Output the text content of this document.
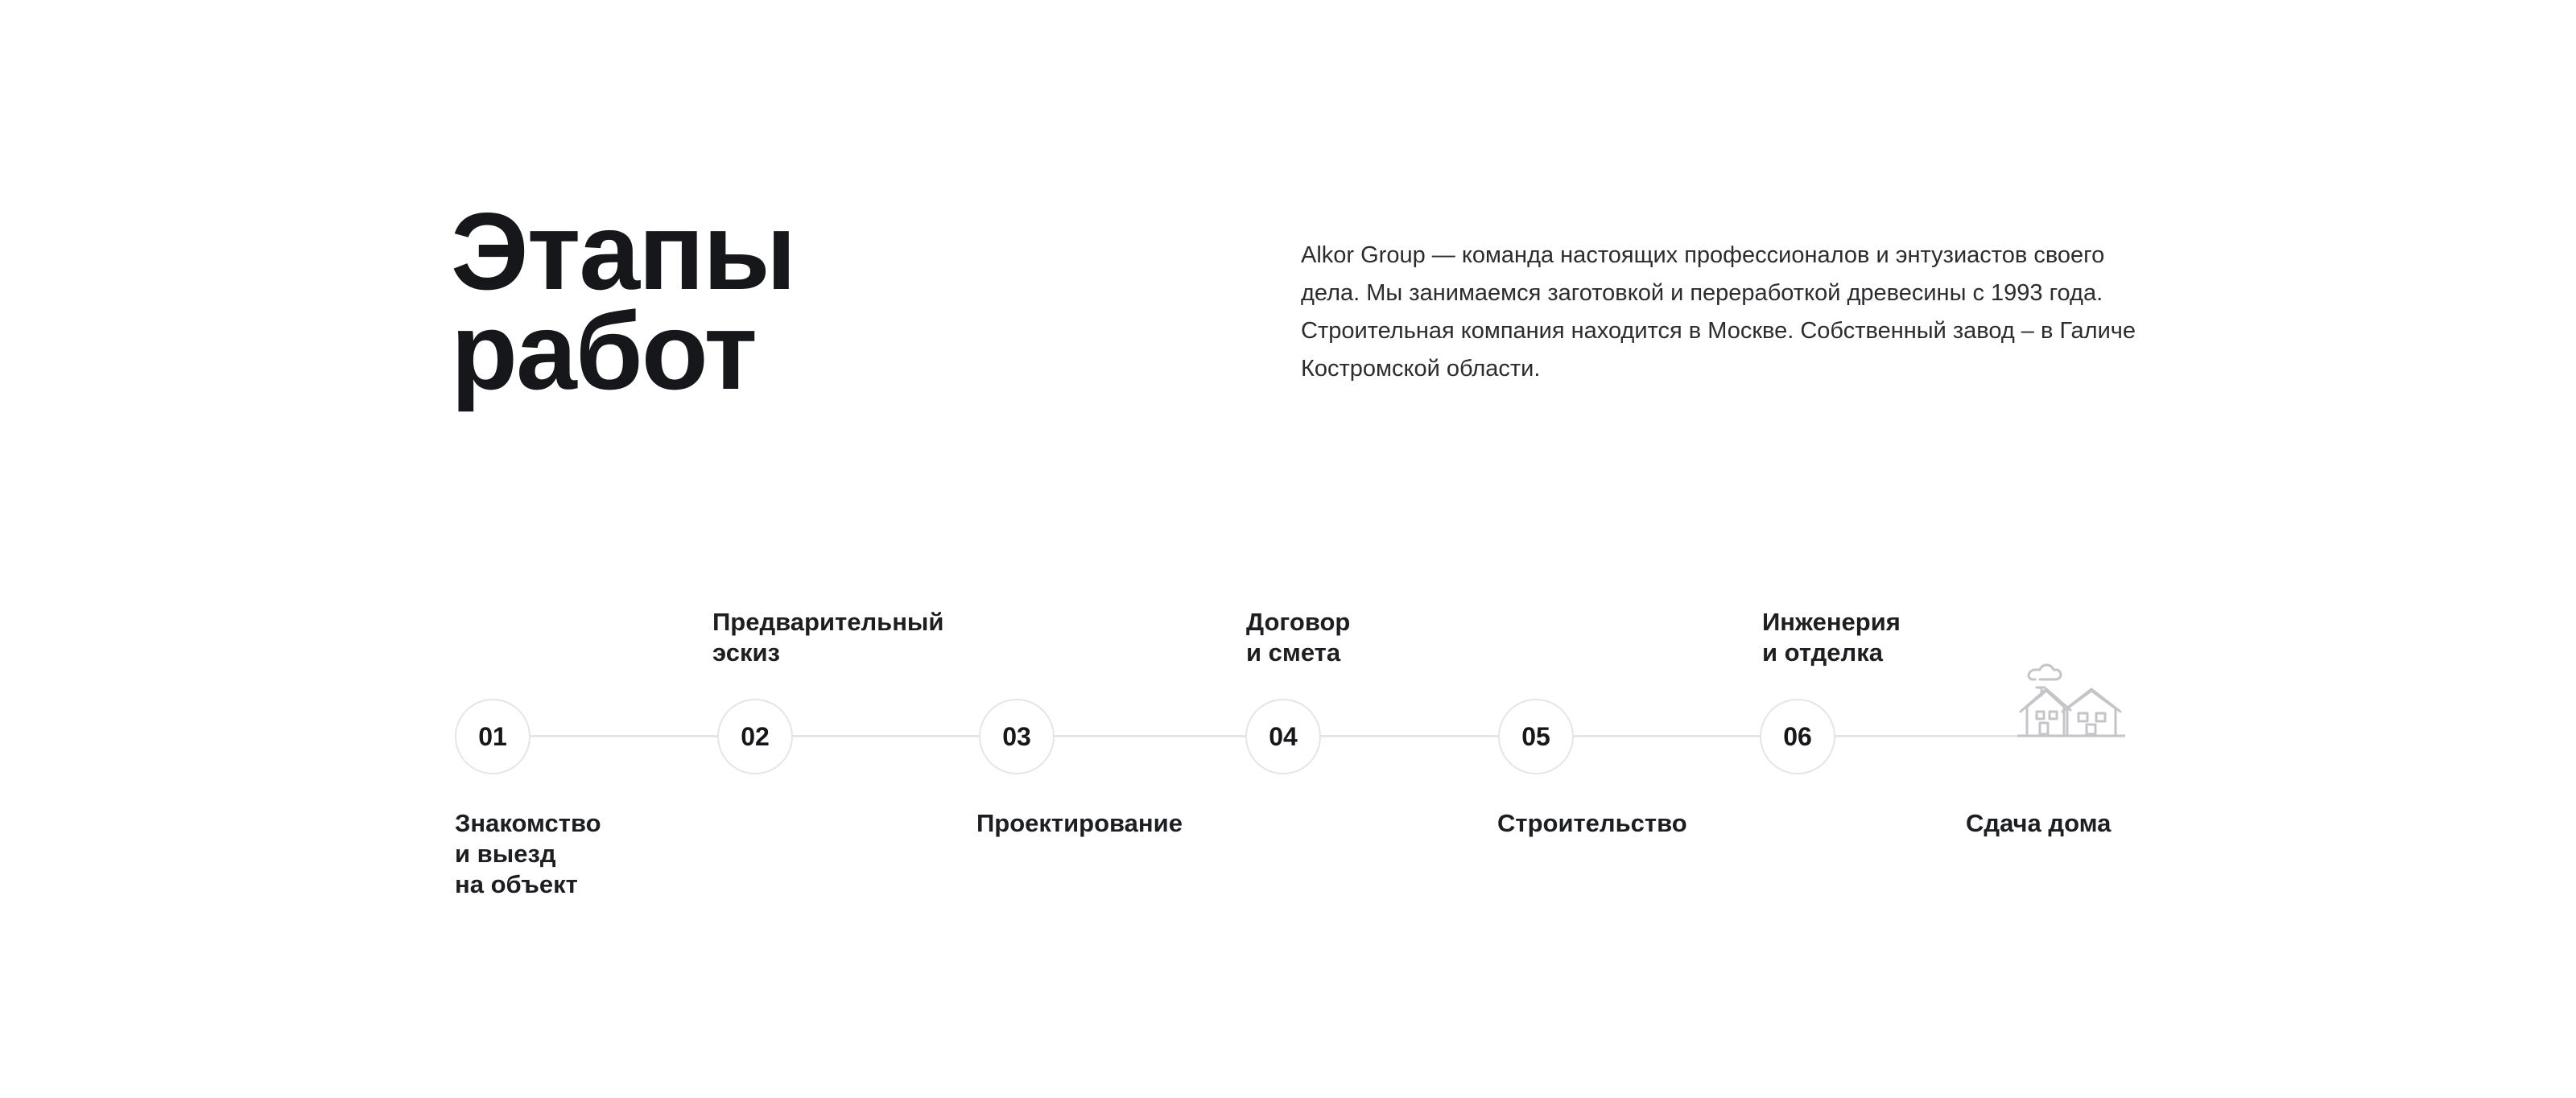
Этапы
работ

Alkor Group — команда настоящих профессионалов и энтузиастов своего дела. Мы занимаемся заготовкой и переработкой древесины с 1993 года. Строительная компания находится в Москве. Собственный завод – в Галиче Костромской области.

01

Знакомство
и выезд
на объект

02

Предварительный
эскиз

03

Проектирование

04

Договор
и смета

05

Строительство

06

Инженерия
и отделка

Сдача дома
